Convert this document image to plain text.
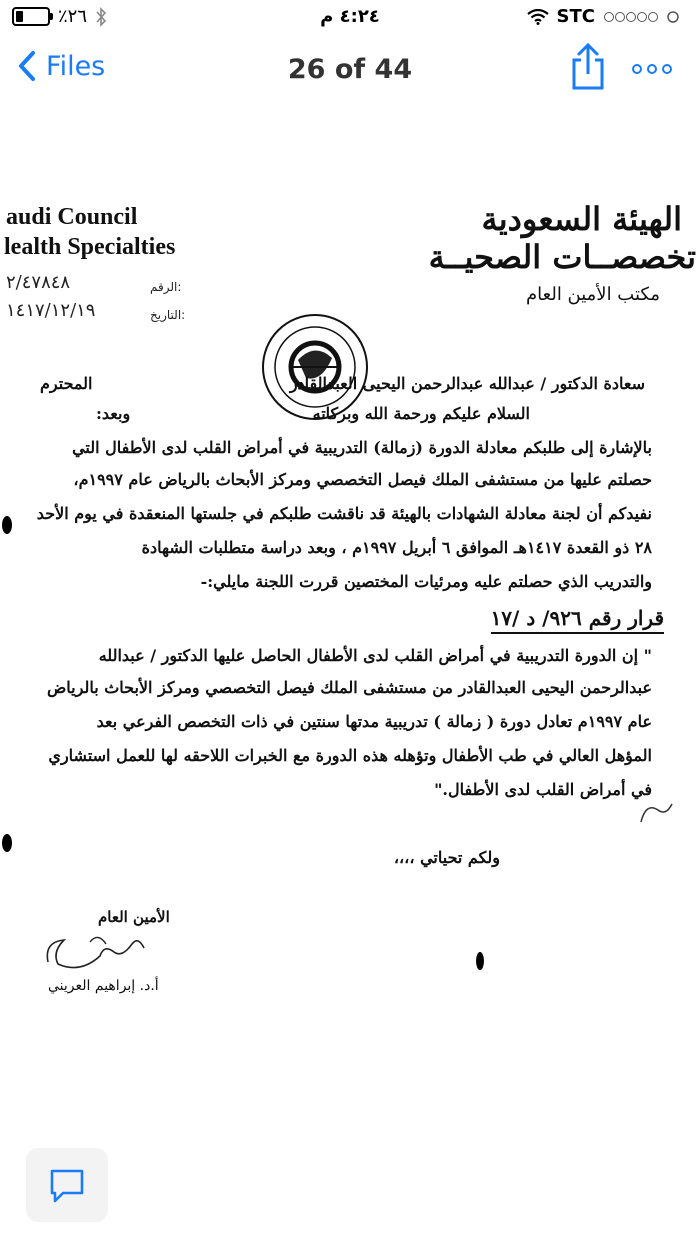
٪٢٦	٤:٢٤ م	STC
Files	26 of 44
audi Council
lealth Specialties
الهيئة السعودية
تخصصــات الصحيــة
مكتب الأمين العام
الرقم:
٢/٤٧٨٤٨
التاريخ:
١٤١٧/١٢/١٩
سعادة الدكتور / عبدالله عبدالرحمن اليحيى العبدالقادر
المحترم
السلام عليكم ورحمة الله وبركاته
وبعد:
بالإشارة إلى طلبكم معادلة الدورة (زمالة) التدريبية في أمراض القلب لدى الأطفال التي
حصلتم عليها من مستشفى الملك فيصل التخصصي ومركز الأبحاث بالرياض عام ١٩٩٧م،
نفيدكم أن لجنة معادلة الشهادات بالهيئة قد ناقشت طلبكم في جلستها المنعقدة في يوم الأحد
٢٨ ذو القعدة ١٤١٧هـ الموافق ٦ أبريل ١٩٩٧م ، وبعد دراسة متطلبات الشهادة
والتدريب الذي حصلتم عليه ومرئيات المختصين قررت اللجنة مايلي:-
قرار رقم ٩٢٦/ د /١٧
" إن الدورة التدريبية في أمراض القلب لدى الأطفال الحاصل عليها الدكتور / عبدالله
عبدالرحمن اليحيى العبدالقادر من مستشفى الملك فيصل التخصصي ومركز الأبحاث بالرياض
عام ١٩٩٧م تعادل دورة ( زمالة ) تدريبية مدتها سنتين في ذات التخصص الفرعي بعد
المؤهل العالي في طب الأطفال وتؤهله هذه الدورة مع الخبرات اللاحقه لها للعمل استشاري
في أمراض القلب لدى الأطفال."
ولكم تحياتي ،،،،
الأمين العام
أ.د. إبراهيم العريني
